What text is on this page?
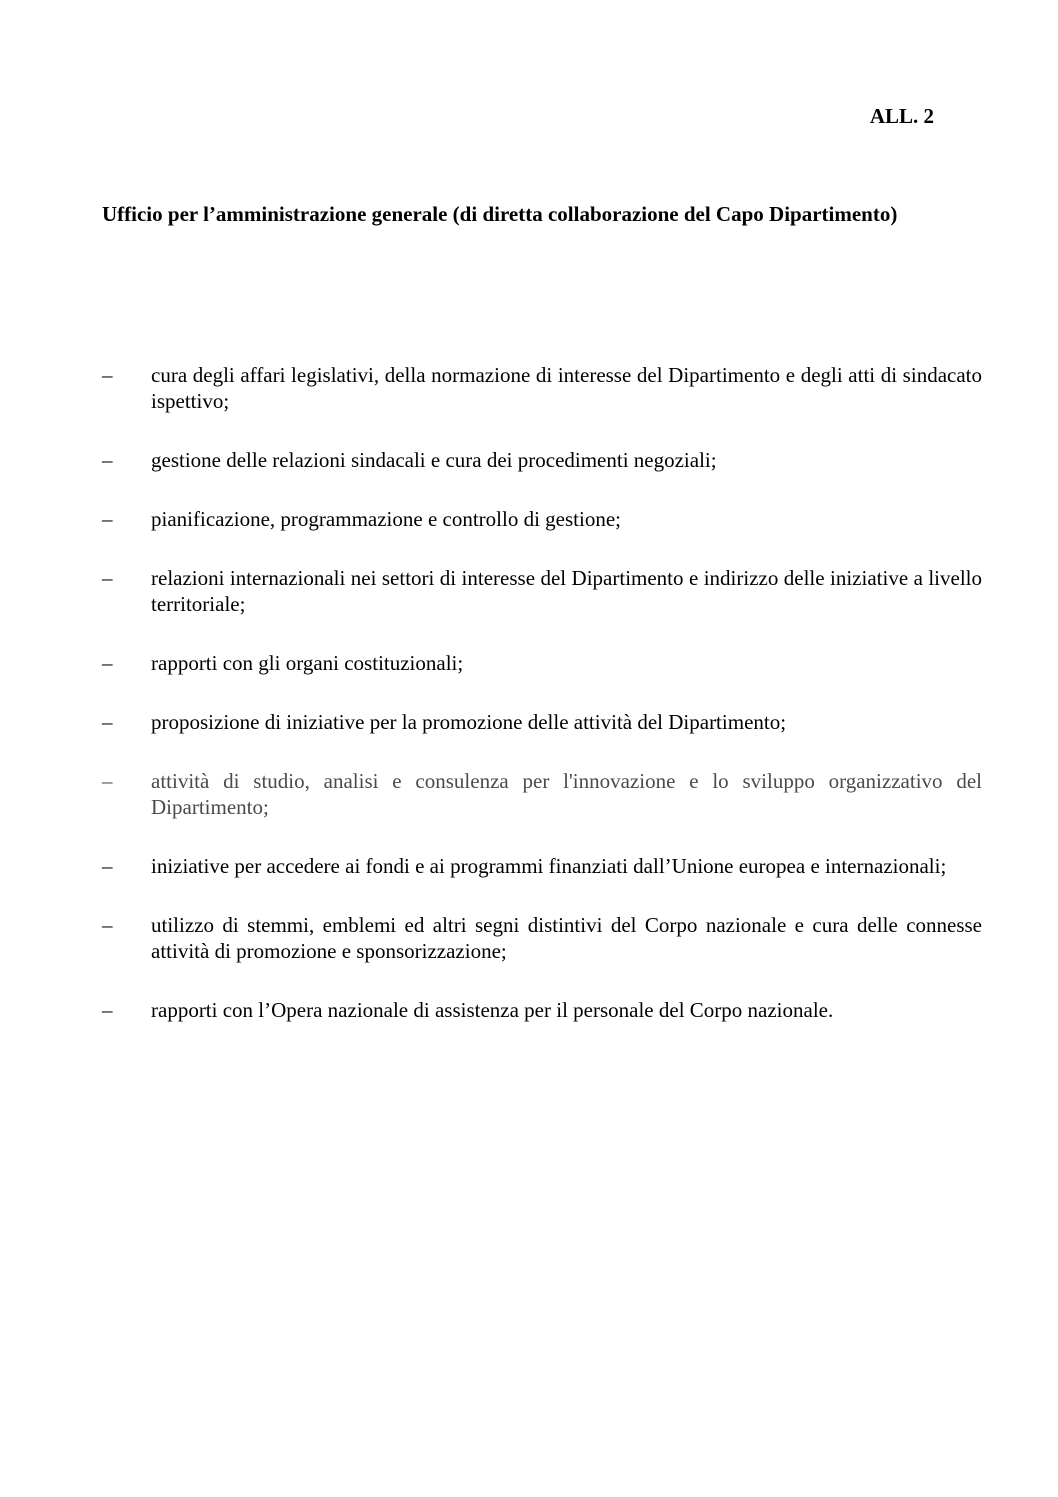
ALL. 2
Ufficio per l’amministrazione generale (di diretta collaborazione del Capo Dipartimento)
–	cura degli affari legislativi, della normazione di interesse del Dipartimento e degli atti di sindacato ispettivo;
–	gestione delle relazioni sindacali e cura dei procedimenti negoziali;
–	pianificazione, programmazione e controllo di gestione;
–	relazioni internazionali nei settori di interesse del Dipartimento e indirizzo delle iniziative a livello territoriale;
–	rapporti con gli organi costituzionali;
–	proposizione di iniziative per la promozione delle attività del Dipartimento;
–	attività di studio, analisi e consulenza per l'innovazione e lo sviluppo organizzativo del Dipartimento;
–	iniziative per accedere ai fondi e ai programmi finanziati dall’Unione europea e internazionali;
–	utilizzo di stemmi, emblemi ed altri segni distintivi del Corpo nazionale e cura delle connesse attività di promozione e sponsorizzazione;
–	rapporti con l’Opera nazionale di assistenza per il personale del Corpo nazionale.
